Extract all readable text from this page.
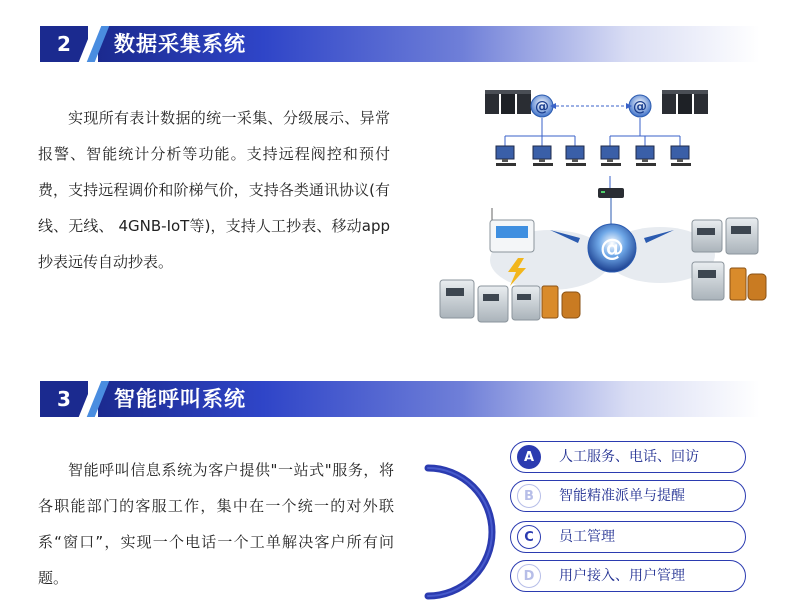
2	数据采集系统

实现所有表计数据的统一采集、分级展示、异常报警、智能统计分析等功能。支持远程阀控和预付费，支持远程调价和阶梯气价，支持各类通讯协议(有线、无线、 4GNB-IoT等)，支持人工抄表、移动app抄表远传自动抄表。

@	@
@
3	智能呼叫系统

智能呼叫信息系统为客户提供"一站式"服务，将各职能部门的客服工作，集中在一个统一的对外联系“窗口”，实现一个电话一个工单解决客户所有问题。

A	人工服务、电话、回访
B	智能精准派单与提醒
C	员工管理
D	用户接入、用户管理
